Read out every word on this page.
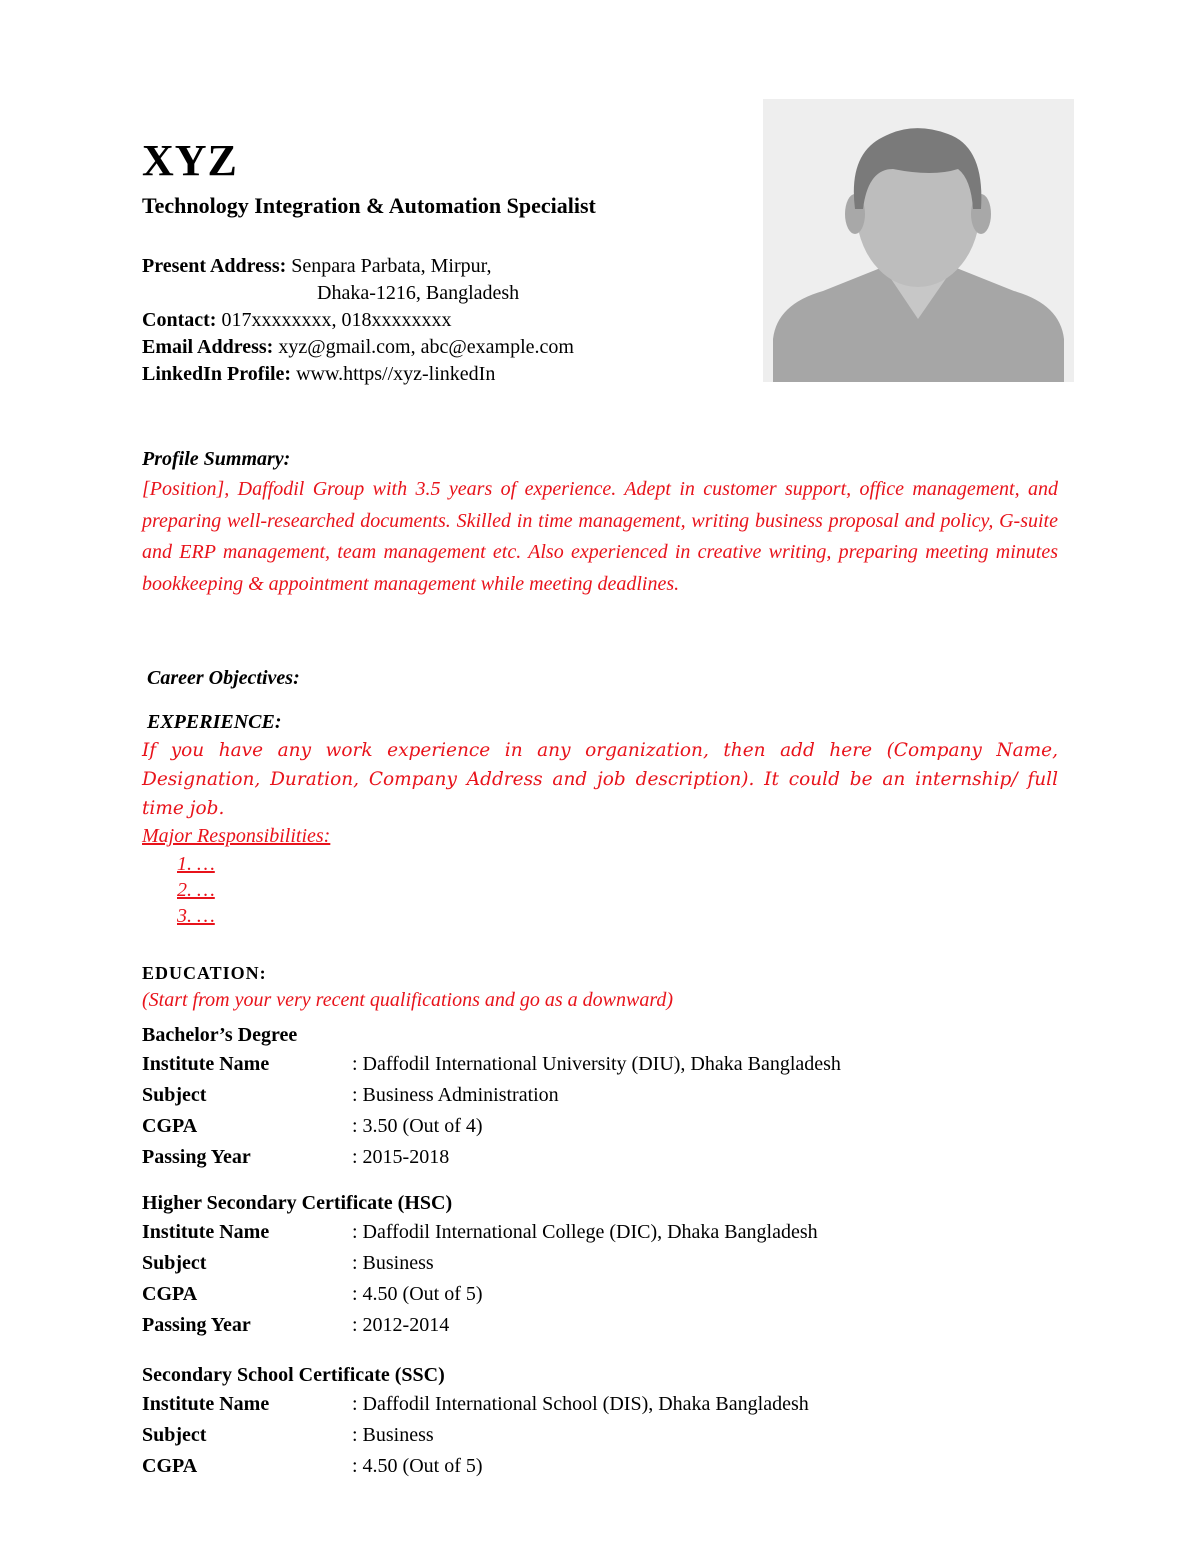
XYZ
Technology Integration & Automation Specialist
Present Address: Senpara Parbata, Mirpur,
Dhaka-1216, Bangladesh
Contact: 017xxxxxxxx, 018xxxxxxxx
Email Address: xyz@gmail.com, abc@example.com
LinkedIn Profile: www.https//xyz-linkedIn
Profile Summary:
[Position], Daffodil Group with 3.5 years of experience. Adept in customer support, office management, and preparing well-researched documents. Skilled in time management, writing business proposal and policy, G-suite and ERP management, team management etc. Also experienced in creative writing, preparing meeting minutes bookkeeping & appointment management while meeting deadlines.
Career Objectives:
EXPERIENCE:
If you have any work experience in any organization, then add here (Company Name, Designation, Duration, Company Address and job description). It could be an internship/ full time job.
Major Responsibilities:
1. …
2. …
3. …
EDUCATION:
(Start from your very recent qualifications and go as a downward)
Bachelor’s Degree
Institute Name	: Daffodil International University (DIU), Dhaka Bangladesh
Subject	: Business Administration
CGPA	: 3.50 (Out of 4)
Passing Year	: 2015-2018
Higher Secondary Certificate (HSC)
Institute Name	: Daffodil International College (DIC), Dhaka Bangladesh
Subject	: Business
CGPA	: 4.50 (Out of 5)
Passing Year	: 2012-2014
Secondary School Certificate (SSC)
Institute Name	: Daffodil International School (DIS), Dhaka Bangladesh
Subject	: Business
CGPA	: 4.50 (Out of 5)
